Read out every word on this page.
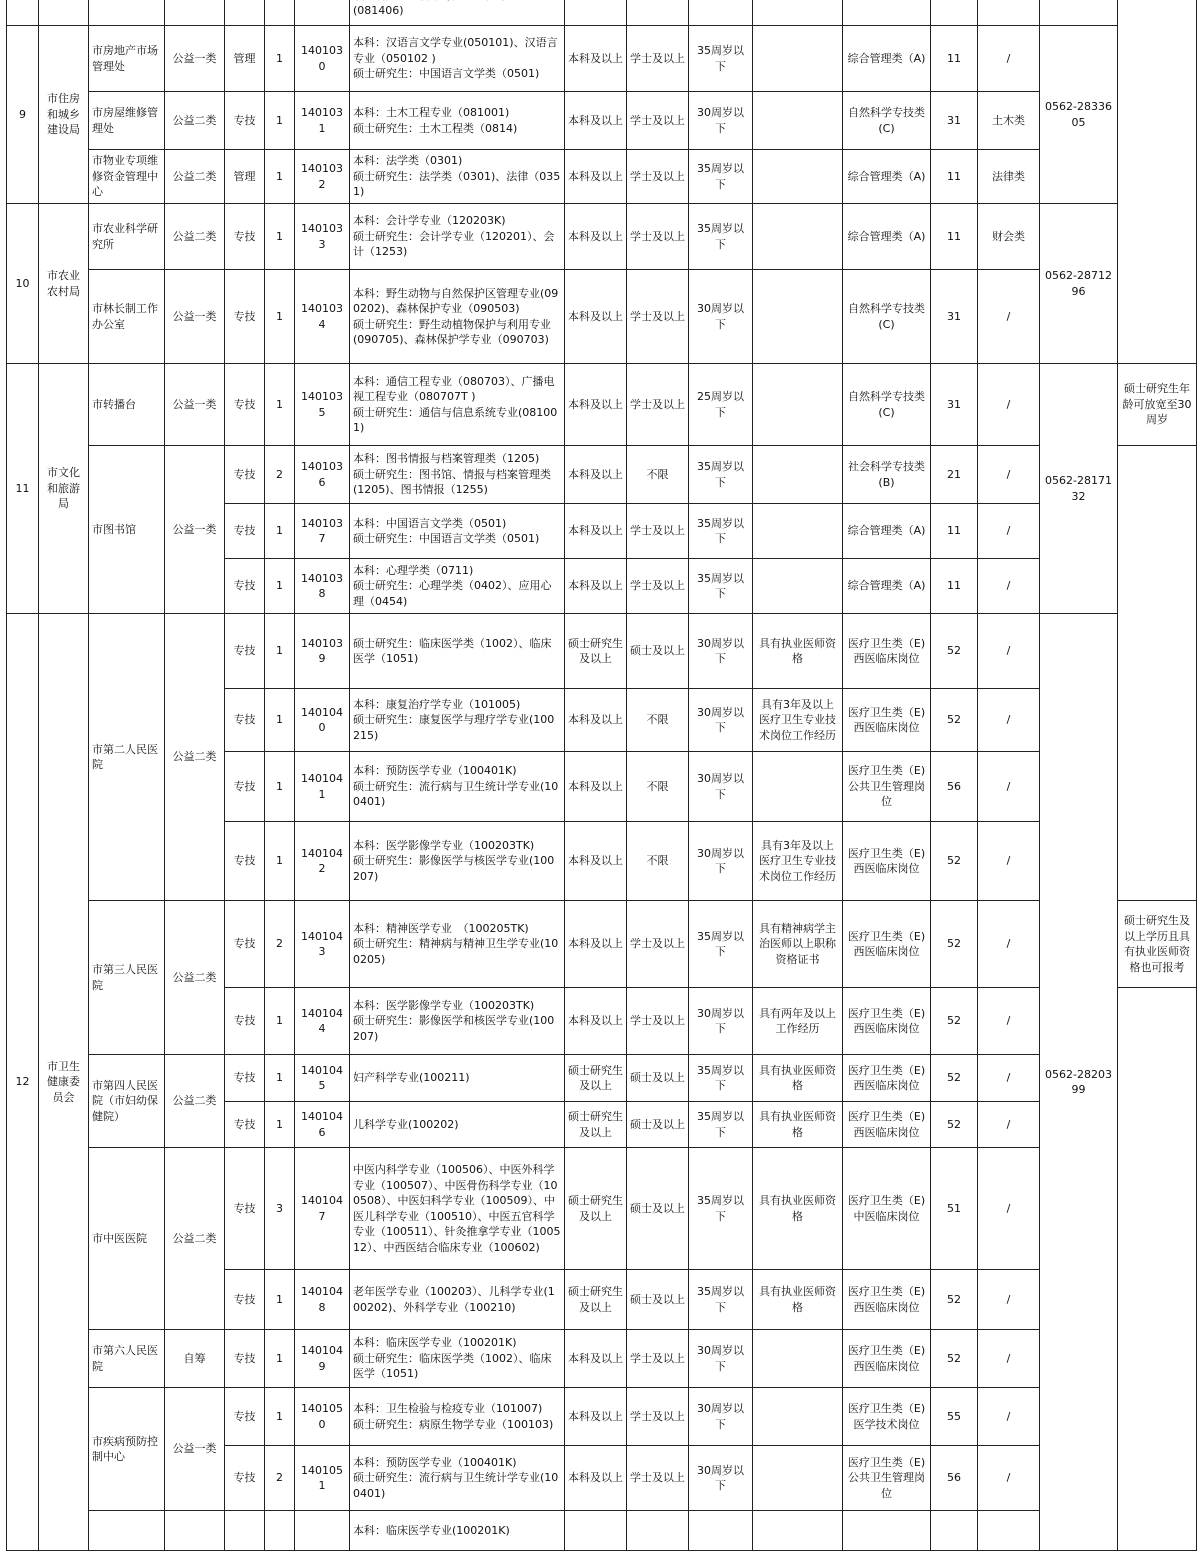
							(081406)									

9	市住房和城乡建设局	市房地产市场管理处	公益一类	管理	1	1401030	本科：汉语言文学专业(050101)、汉语言专业（050102 )
硕士研究生：中国语言文学类（0501)	本科及以上	学士及以上	35周岁以下		综合管理类（A)	11	/	0562-2833605	
		市房屋维修管理处	公益二类	专技	1	1401031	本科：土木工程专业（081001)
硕士研究生：土木工程类（0814)	本科及以上	学士及以上	30周岁以下		自然科学专技类(C)	31	土木类		
		市物业专项维修资金管理中心	公益二类	管理	1	1401032	本科：法学类（0301)
硕士研究生：法学类（0301)、法律（0351)	本科及以上	学士及以上	35周岁以下		综合管理类（A)	11	法律类		
10	市农业农村局	市农业科学研究所	公益二类	专技	1	1401033	本科：会计学专业（120203K)
硕士研究生：会计学专业（120201）、会计（1253)	本科及以上	学士及以上	35周岁以下		综合管理类（A)	11	财会类	0562-2871296	
		市林长制工作办公室	公益一类	专技	1	1401034	本科：野生动物与自然保护区管理专业(090202)、森林保护专业（090503)
硕士研究生：野生动植物保护与利用专业(090705)、森林保护学专业（090703)	本科及以上	学士及以上	30周岁以下		自然科学专技类(C)	31	/		
11	市文化和旅游局	市转播台	公益一类	专技	1	1401035	本科：通信工程专业（080703）、广播电视工程专业（080707T )
硕士研究生：通信与信息系统专业(081001)	本科及以上	学士及以上	25周岁以下		自然科学专技类(C)	31	/	0562-2817132	硕士研究生年龄可放宽至30周岁
		市图书馆	公益一类	专技	2	1401036	本科：图书情报与档案管理类（1205)
硕士研究生：图书馆、情报与档案管理类(1205)、图书情报（1255)	本科及以上	不限	35周岁以下		社会科学专技类(B)	21	/		
				专技	1	1401037	本科：中国语言文学类（0501)
硕士研究生：中国语言文学类（0501)	本科及以上	学士及以上	35周岁以下		综合管理类（A)	11	/		
				专技	1	1401038	本科：心理学类（0711)
硕士研究生：心理学类（0402）、应用心理（0454)	本科及以上	学士及以上	35周岁以下		综合管理类（A)	11	/		
12	市卫生健康委员会	市第二人民医院	公益二类	专技	1	1401039	硕士研究生：临床医学类（1002）、临床医学（1051)	硕士研究生及以上	硕士及以上	30周岁以下	具有执业医师资格	医疗卫生类（E)西医临床岗位	52	/	0562-2820399	
				专技	1	1401040	本科：康复治疗学专业（101005)
硕士研究生：康复医学与理疗学专业(100215)	本科及以上	不限	30周岁以下	具有3年及以上医疗卫生专业技术岗位工作经历	医疗卫生类（E)西医临床岗位	52	/		
				专技	1	1401041	本科：预防医学专业（100401K)
硕士研究生：流行病与卫生统计学专业(100401)	本科及以上	不限	30周岁以下		医疗卫生类（E)公共卫生管理岗位	56	/		
				专技	1	1401042	本科：医学影像学专业（100203TK)
硕士研究生：影像医学与核医学专业(100207)	本科及以上	不限	30周岁以下	具有3年及以上医疗卫生专业技术岗位工作经历	医疗卫生类（E)西医临床岗位	52	/		
		市第三人民医院	公益二类	专技	2	1401043	本科：精神医学专业　（100205TK)
硕士研究生：精神病与精神卫生学专业(100205)	本科及以上	学士及以上	35周岁以下	具有精神病学主治医师以上职称资格证书	医疗卫生类（E)西医临床岗位	52	/		硕士研究生及以上学历且具有执业医师资格也可报考
				专技	1	1401044	本科：医学影像学专业（100203TK)
硕士研究生：影像医学和核医学专业(100207)	本科及以上	学士及以上	30周岁以下	具有两年及以上工作经历	医疗卫生类（E)西医临床岗位	52	/		
		市第四人民医院（市妇幼保健院）	公益二类	专技	1	1401045	妇产科学专业(100211)	硕士研究生及以上	硕士及以上	35周岁以下	具有执业医师资格	医疗卫生类（E)西医临床岗位	52	/		
				专技	1	1401046	儿科学专业(100202)	硕士研究生及以上	硕士及以上	35周岁以下	具有执业医师资格	医疗卫生类（E)西医临床岗位	52	/		
		市中医医院	公益二类	专技	3	1401047	中医内科学专业（100506）、中医外科学专业（100507）、中医骨伤科学专业（100508）、中医妇科学专业（100509）、中医儿科学专业（100510）、中医五官科学专业（100511）、针灸推拿学专业（100512）、中西医结合临床专业（100602)	硕士研究生及以上	硕士及以上	35周岁以下	具有执业医师资格	医疗卫生类（E)中医临床岗位	51	/		
				专技	1	1401048	老年医学专业（100203）、儿科学专业(100202)、外科学专业（100210)	硕士研究生及以上	硕士及以上	35周岁以下	具有执业医师资格	医疗卫生类（E)西医临床岗位	52	/		
		市第六人民医院	自筹	专技	1	1401049	本科：临床医学专业（100201K)
硕士研究生：临床医学类（1002）、临床医学（1051)	本科及以上	学士及以上	30周岁以下		医疗卫生类（E)西医临床岗位	52	/		
		市疾病预防控制中心	公益一类	专技	1	1401050	本科：卫生检验与检疫专业（101007)
硕士研究生：病原生物学专业（100103)	本科及以上	学士及以上	30周岁以下		医疗卫生类（E)医学技术岗位	55	/		
				专技	2	1401051	本科：预防医学专业（100401K)
硕士研究生：流行病与卫生统计学专业(100401)	本科及以上	学士及以上	30周岁以下		医疗卫生类（E)公共卫生管理岗位	56	/		

							本科：临床医学专业(100201K)									
